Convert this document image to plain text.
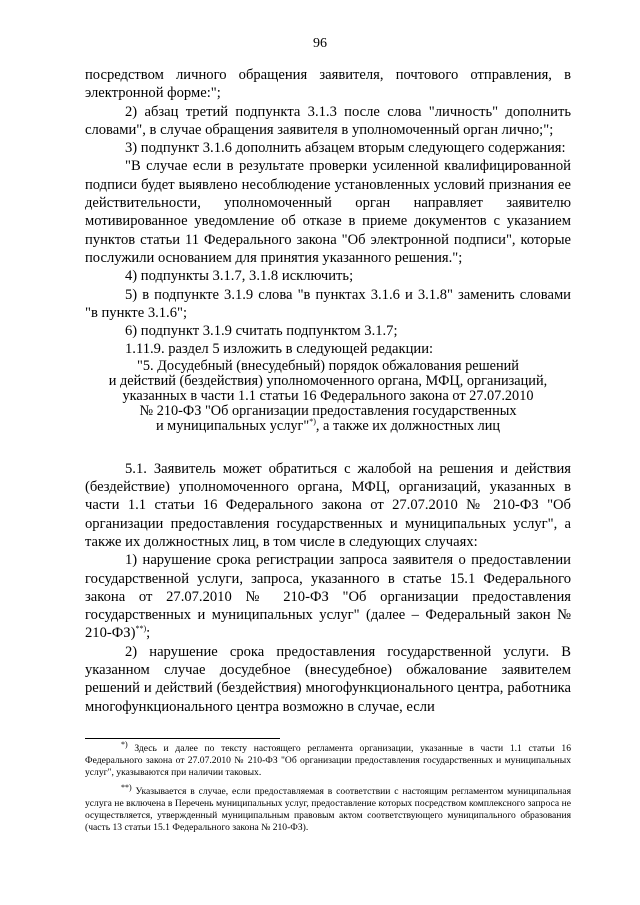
96

посредством личного обращения заявителя, почтового отправления, в электронной форме:";

2) абзац третий подпункта 3.1.3 после слова "личность" дополнить словами", в случае обращения заявителя в уполномоченный орган лично;";

3) подпункт 3.1.6 дополнить абзацем вторым следующего содержания:

"В случае если в результате проверки усиленной квалифицированной подписи будет выявлено несоблюдение установленных условий признания ее действительности, уполномоченный орган направляет заявителю мотивированное уведомление об отказе в приеме документов с указанием пунктов статьи 11 Федерального закона "Об электронной подписи", которые послужили основанием для принятия указанного решения.";

4) подпункты 3.1.7, 3.1.8 исключить;

5) в подпункте 3.1.9 слова "в пунктах 3.1.6 и 3.1.8" заменить словами "в пункте 3.1.6";

6) подпункт 3.1.9 считать подпунктом 3.1.7;

1.11.9. раздел 5 изложить в следующей редакции:

"5. Досудебный (внесудебный) порядок обжалования решений

и действий (бездействия) уполномоченного органа, МФЦ, организаций,

указанных в части 1.1 статьи 16 Федерального закона от 27.07.2010

№ 210-ФЗ "Об организации предоставления государственных

и муниципальных услуг"*), а также их должностных лиц

5.1. Заявитель может обратиться с жалобой на решения и действия (бездействие) уполномоченного органа, МФЦ, организаций, указанных в части 1.1 статьи 16 Федерального закона от 27.07.2010 № 210-ФЗ "Об организации предоставления государственных и муниципальных услуг", а также их должностных лиц, в том числе в следующих случаях:

1) нарушение срока регистрации запроса заявителя о предоставлении государственной услуги, запроса, указанного в статье 15.1 Федерального закона от 27.07.2010 № 210-ФЗ "Об организации предоставления государственных и муниципальных услуг" (далее – Федеральный закон № 210-ФЗ)**);

2) нарушение срока предоставления государственной услуги. В указанном случае досудебное (внесудебное) обжалование заявителем решений и действий (бездействия) многофункционального центра, работника многофункционального центра возможно в случае, если

*) Здесь и далее по тексту настоящего регламента организации, указанные в части 1.1 статьи 16 Федерального закона от 27.07.2010 № 210-ФЗ "Об организации предоставления государственных и муниципальных услуг", указываются при наличии таковых.

**) Указывается в случае, если предоставляемая в соответствии с настоящим регламентом муниципальная услуга не включена в Перечень муниципальных услуг, предоставление которых посредством комплексного запроса не осуществляется, утвержденный муниципальным правовым актом соответствующего муниципального образования (часть 13 статьи 15.1 Федерального закона № 210-ФЗ).
